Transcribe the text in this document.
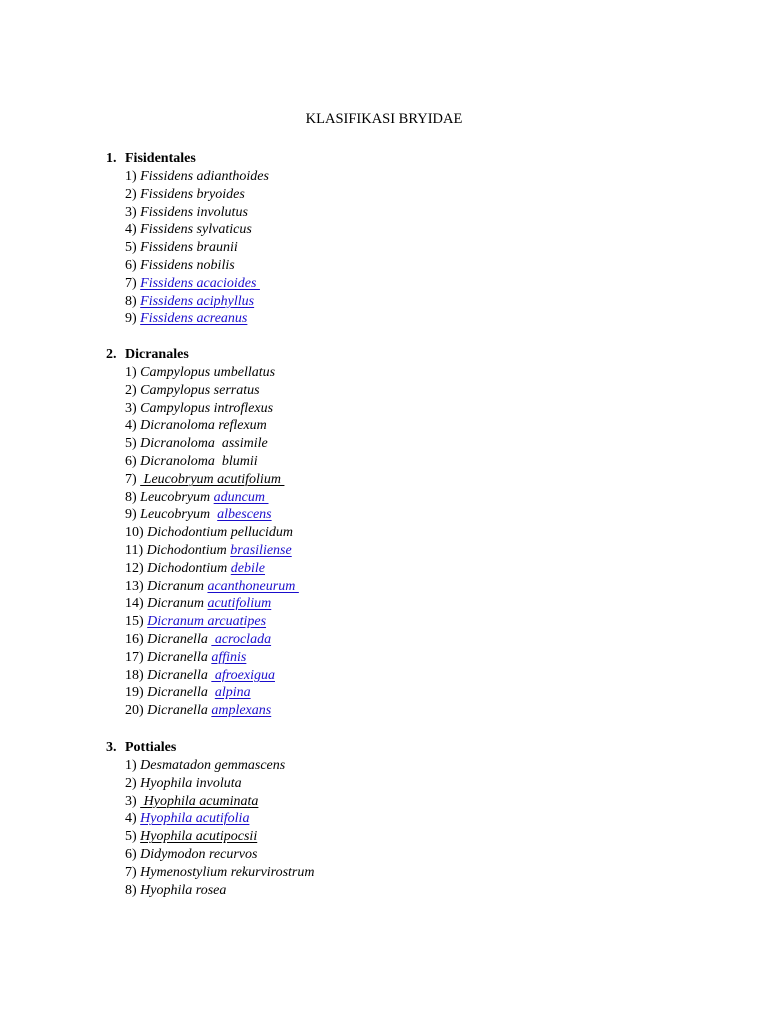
KLASIFIKASI BRYIDAE
1. Fisidentales
1) Fissidens adianthoides
2) Fissidens bryoides
3) Fissidens involutus
4) Fissidens sylvaticus
5) Fissidens braunii
6) Fissidens nobilis
7) Fissidens acacioides
8) Fissidens aciphyllus
9) Fissidens acreanus
2. Dicranales
1) Campylopus umbellatus
2) Campylopus serratus
3) Campylopus introflexus
4) Dicranoloma reflexum
5) Dicranoloma  assimile
6) Dicranoloma  blumii
7)  Leucobryum acutifolium
8) Leucobryum aduncum
9) Leucobryum  albescens
10) Dichodontium pellucidum
11) Dichodontium brasiliense
12) Dichodontium debile
13) Dicranum acanthoneurum
14) Dicranum acutifolium
15) Dicranum arcuatipes
16) Dicranella  acroclada
17) Dicranella affinis
18) Dicranella  afroexigua
19) Dicranella  alpina
20) Dicranella amplexans
3. Pottiales
1) Desmatadon gemmascens
2) Hyophila involuta
3)  Hyophila acuminata
4) Hyophila acutifolia
5) Hyophila acutipocsii
6) Didymodon recurvos
7) Hymenostylium rekurvirostrum
8) Hyophila rosea
